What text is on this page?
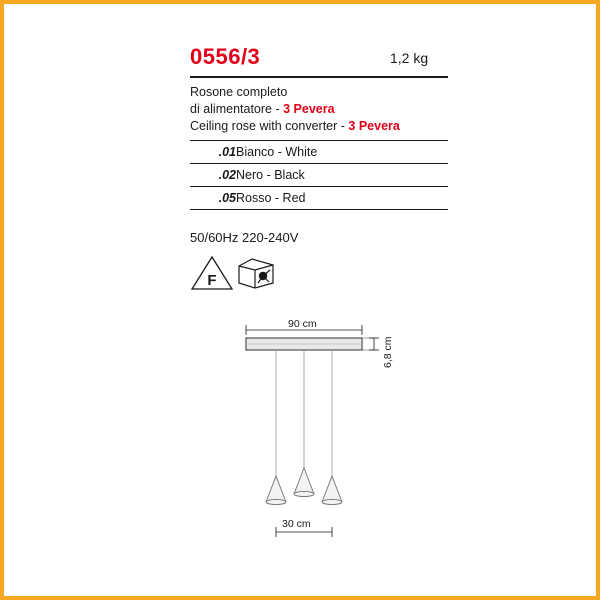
0556/3	1,2 kg
Rosone completo
di alimentatore - 3 Pevera
Ceiling rose with converter - 3 Pevera
.01 Bianco - White
.02 Nero - Black
.05 Rosso - Red
50/60Hz 220-240V
F
90 cm
6,8 cm
30 cm
